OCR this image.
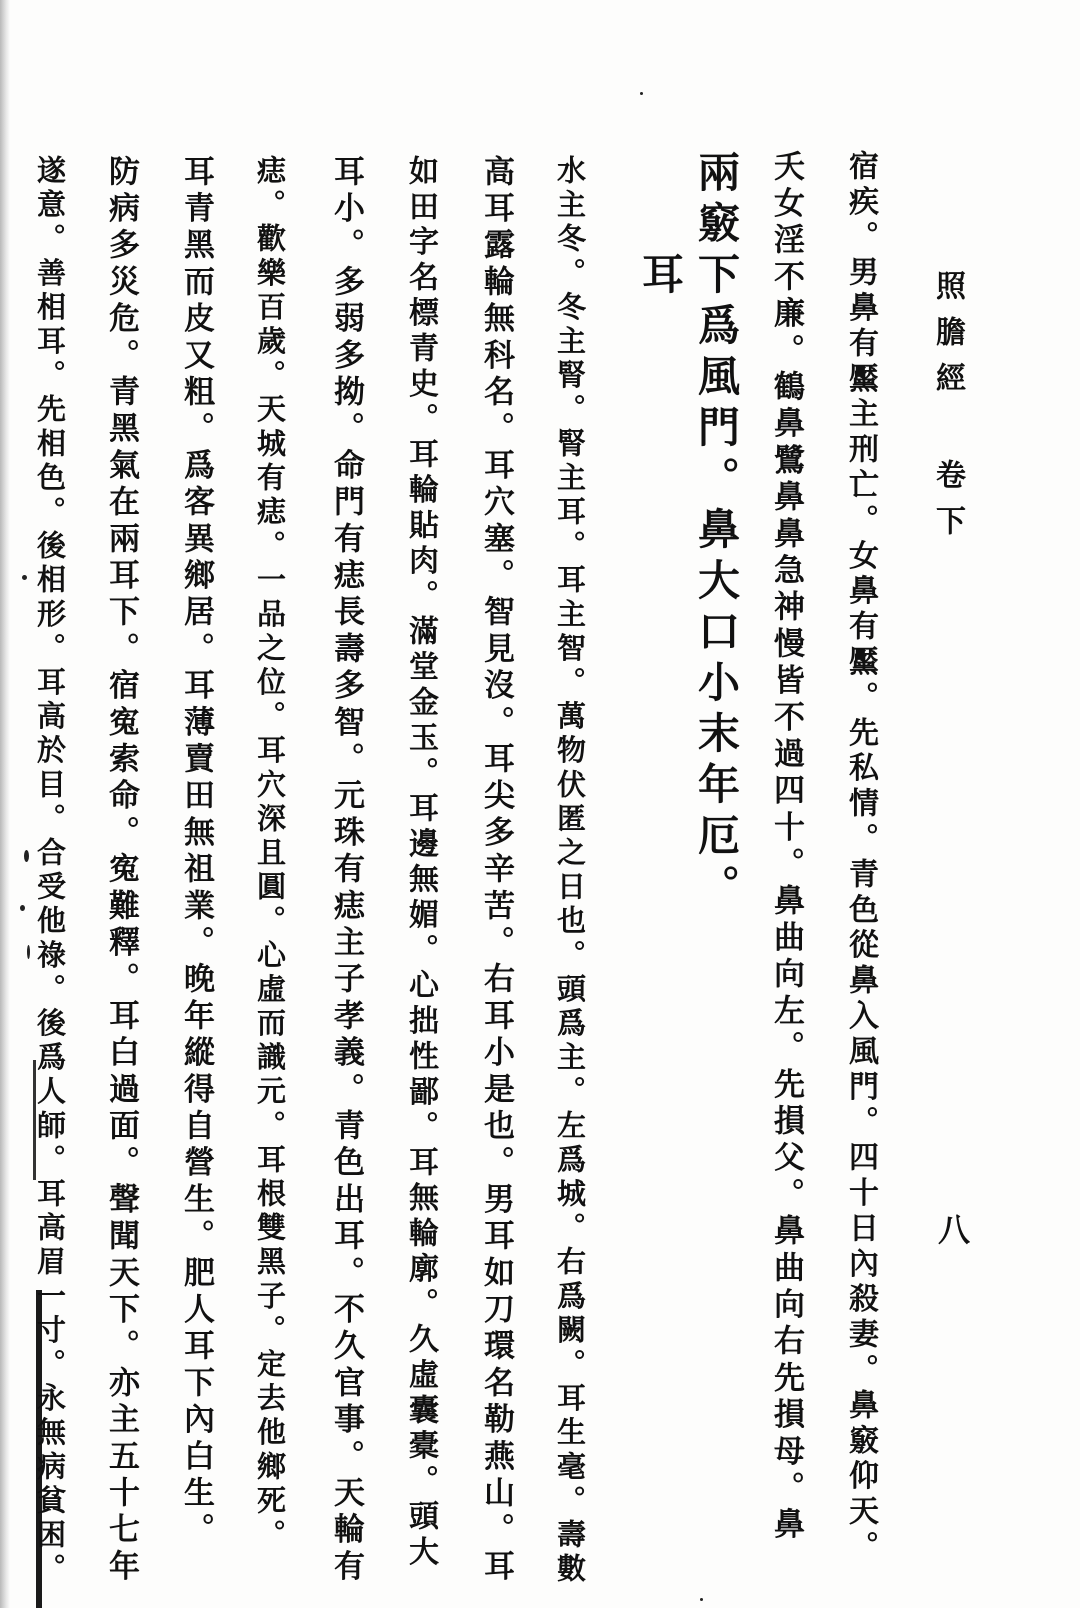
照膽經 卷下
八
耳	宿疾。男鼻有黶主刑亡。女鼻有黶。先私情。青色從鼻入風門。四十日內殺妻。鼻竅仰天。
夭女淫不廉。鶴鼻鷺鼻鼻急神慢皆不過四十。鼻曲向左。先損父。鼻曲向右先損母。鼻
兩竅下爲風門。鼻大口小末年厄。
水主冬。冬主腎。腎主耳。耳主智。萬物伏匿之日也。頭爲主。左爲城。右爲闕。耳生毫。壽數
高耳露輪無科名。耳穴塞。智見沒。耳尖多辛苦。右耳小是也。男耳如刀環名勒燕山。耳
如田字名標青史。耳輪貼肉。滿堂金玉。耳邊無媚。心拙性鄙。耳無輪廓。久虛囊橐。頭大
耳小。多弱多拗。命門有痣長壽多智。元珠有痣主子孝義。青色出耳。不久官事。天輪有
痣。歡樂百歲。天城有痣。一品之位。耳穴深且圓。心虛而識元。耳根雙黑子。定去他鄉死。
耳青黑而皮又粗。爲客異鄉居。耳薄賣田無祖業。晚年縱得自營生。肥人耳下內白生。
防病多災危。青黑氣在兩耳下。宿寃索命。寃難釋。耳白過面。聲聞天下。亦主五十七年
遂意。善相耳。先相色。後相形。耳高於目。合受他祿。後爲人師。耳高眉一寸。永無病貧困。
